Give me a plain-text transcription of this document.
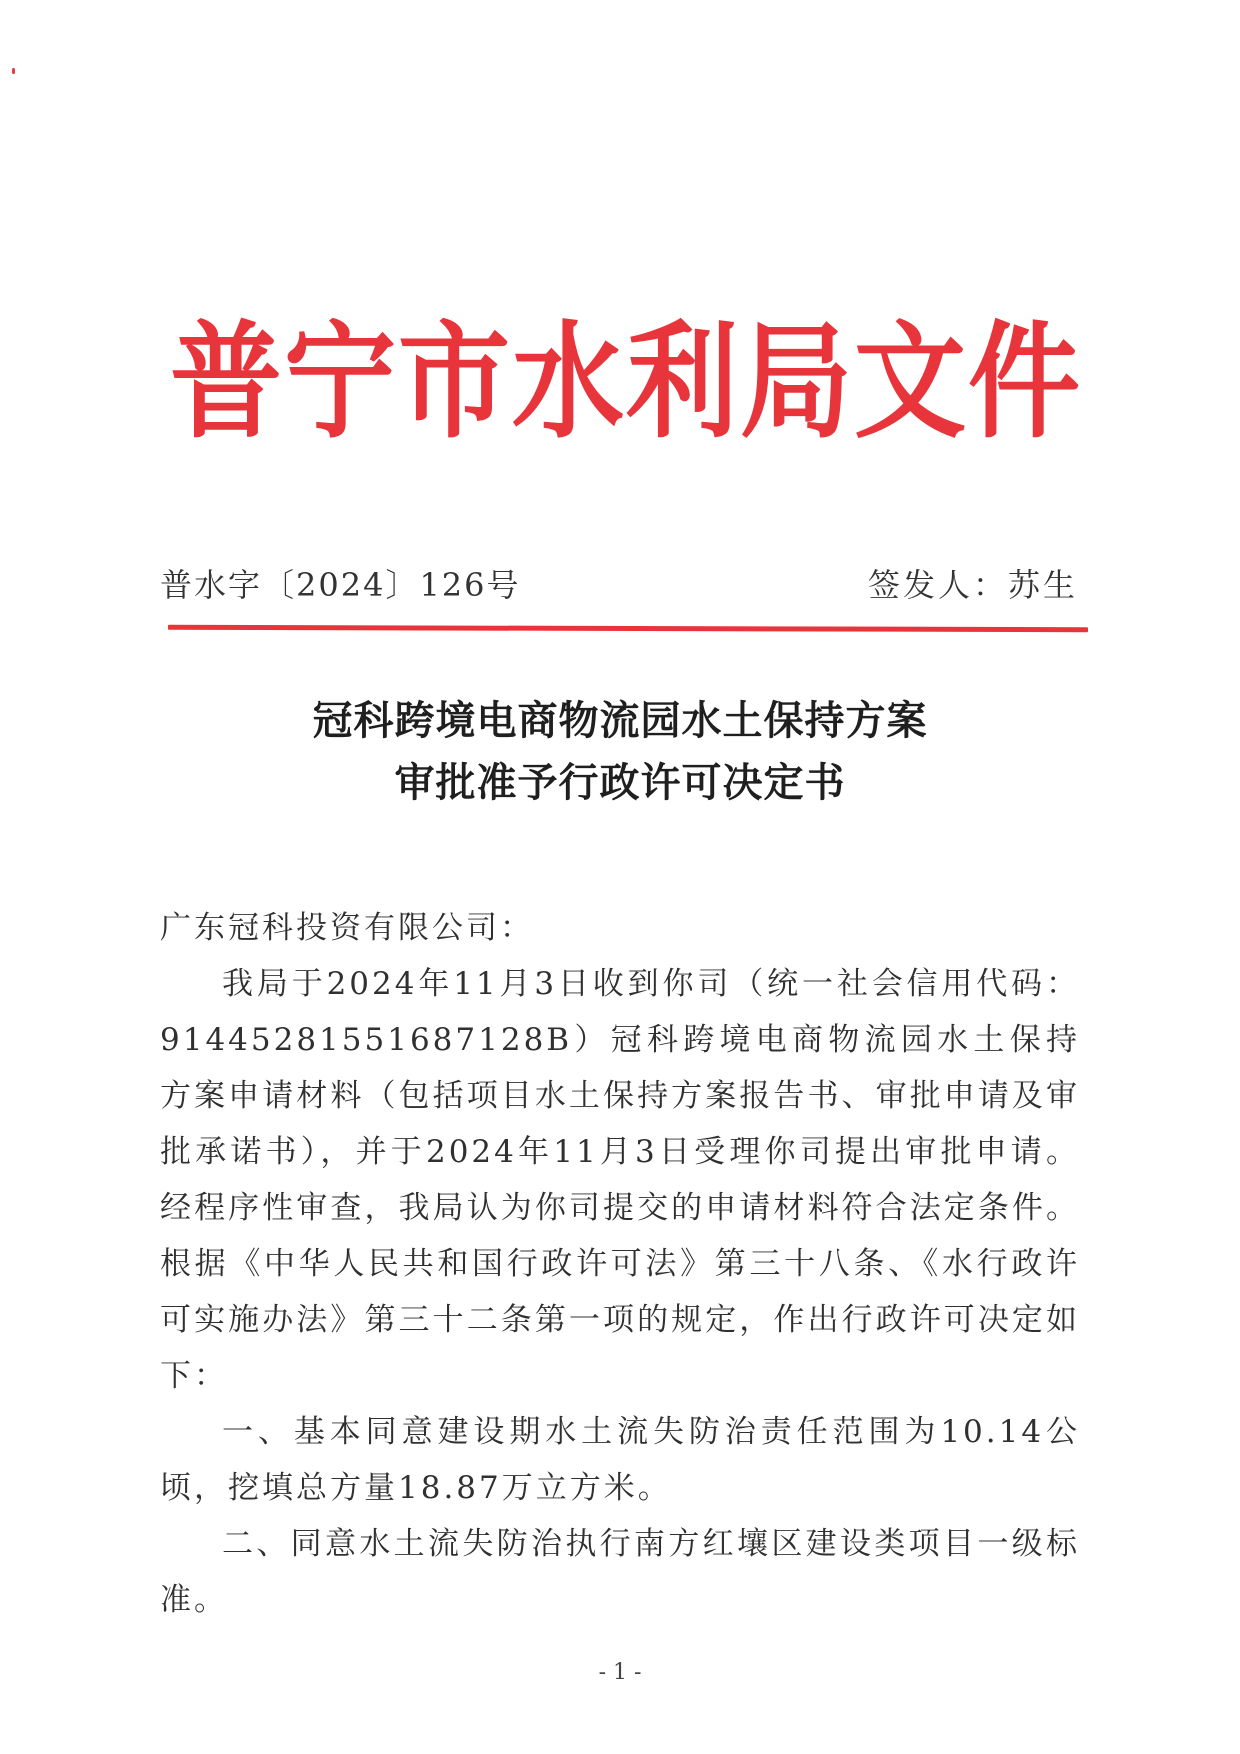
普宁市水利局文件
普水字〔2024〕126号	签发人：苏生
冠科跨境电商物流园水土保持方案
审批准予行政许可决定书

广东冠科投资有限公司：

我局于2024年11月3日收到你司（统一社会信用代码：91445281551687128B）冠科跨境电商物流园水土保持方案申请材料（包括项目水土保持方案报告书、审批申请及审批承诺书），并于2024年11月3日受理你司提出审批申请。经程序性审查，我局认为你司提交的申请材料符合法定条件。根据《中华人民共和国行政许可法》第三十八条、《水行政许可实施办法》第三十二条第一项的规定，作出行政许可决定如下：

一、基本同意建设期水土流失防治责任范围为10.14公顷，挖填总方量18.87万立方米。

二、同意水土流失防治执行南方红壤区建设类项目一级标准。

- 1 -
